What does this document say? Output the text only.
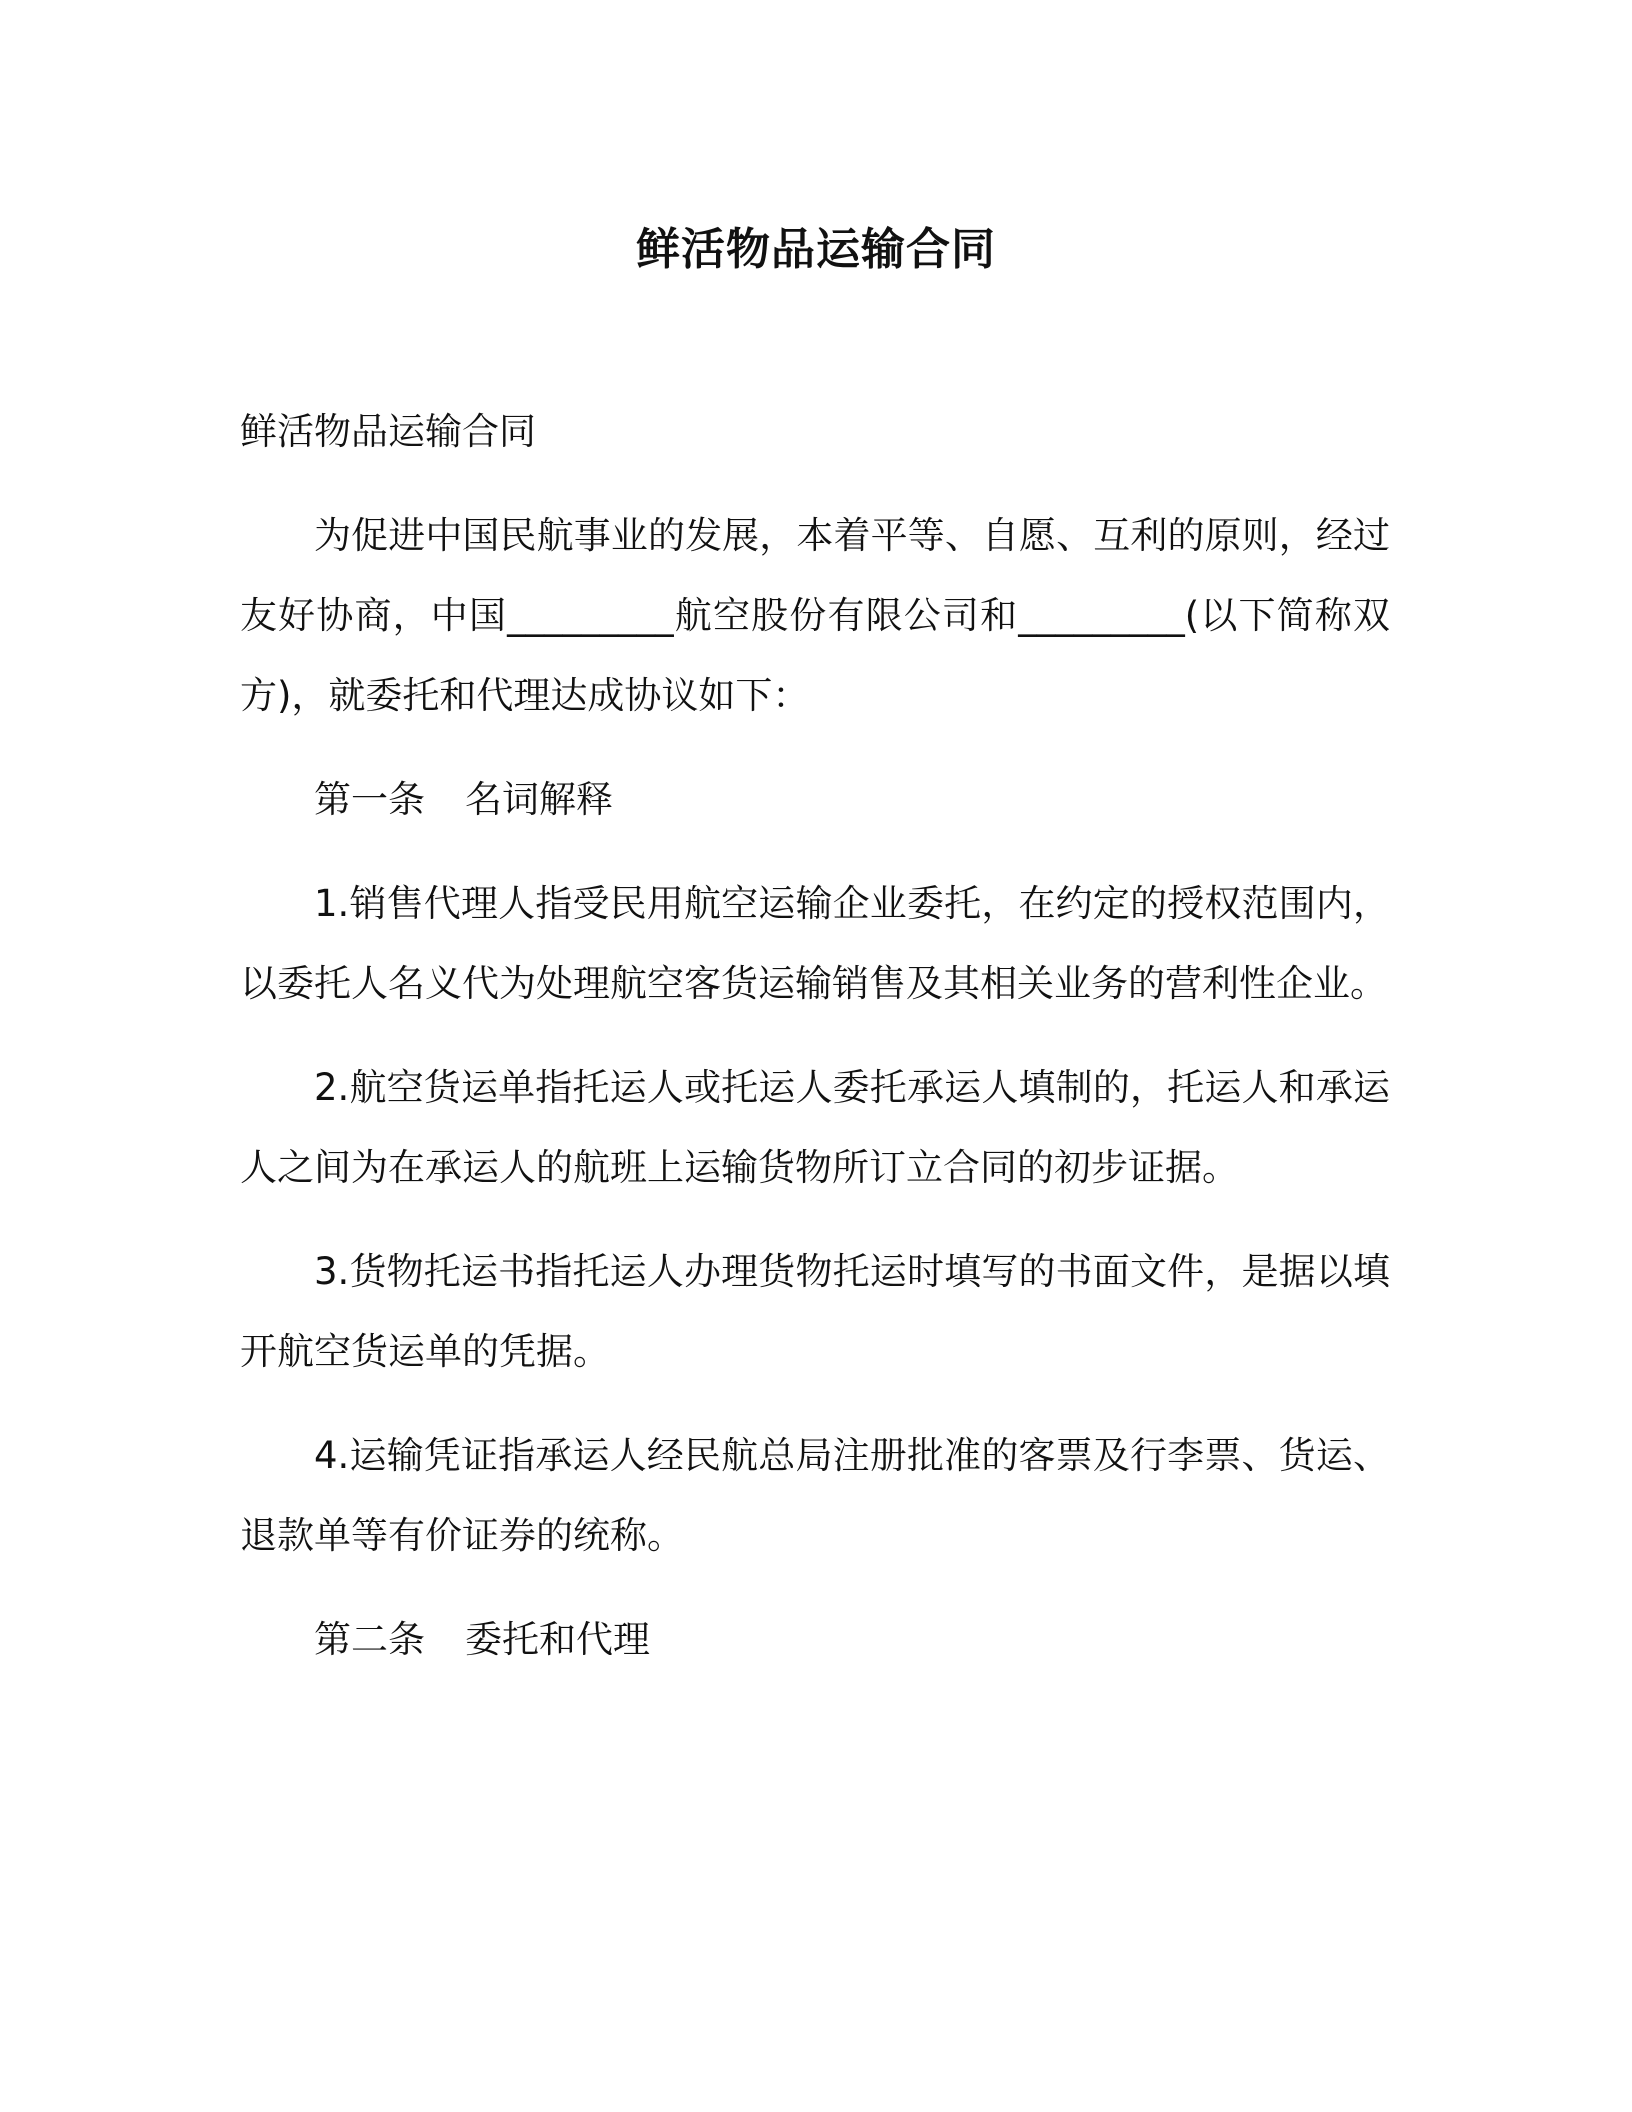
鲜活物品运输合同

鲜活物品运输合同

为促进中国民航事业的发展，本着平等、自愿、互利的原则，经过友好协商，中国_________航空股份有限公司和_________(以下简称双方)，就委托和代理达成协议如下：

第一条 名词解释

1.销售代理人指受民用航空运输企业委托，在约定的授权范围内，以委托人名义代为处理航空客货运输销售及其相关业务的营利性企业。

2.航空货运单指托运人或托运人委托承运人填制的，托运人和承运人之间为在承运人的航班上运输货物所订立合同的初步证据。

3.货物托运书指托运人办理货物托运时填写的书面文件，是据以填开航空货运单的凭据。

4.运输凭证指承运人经民航总局注册批准的客票及行李票、货运、退款单等有价证券的统称。

第二条 委托和代理
